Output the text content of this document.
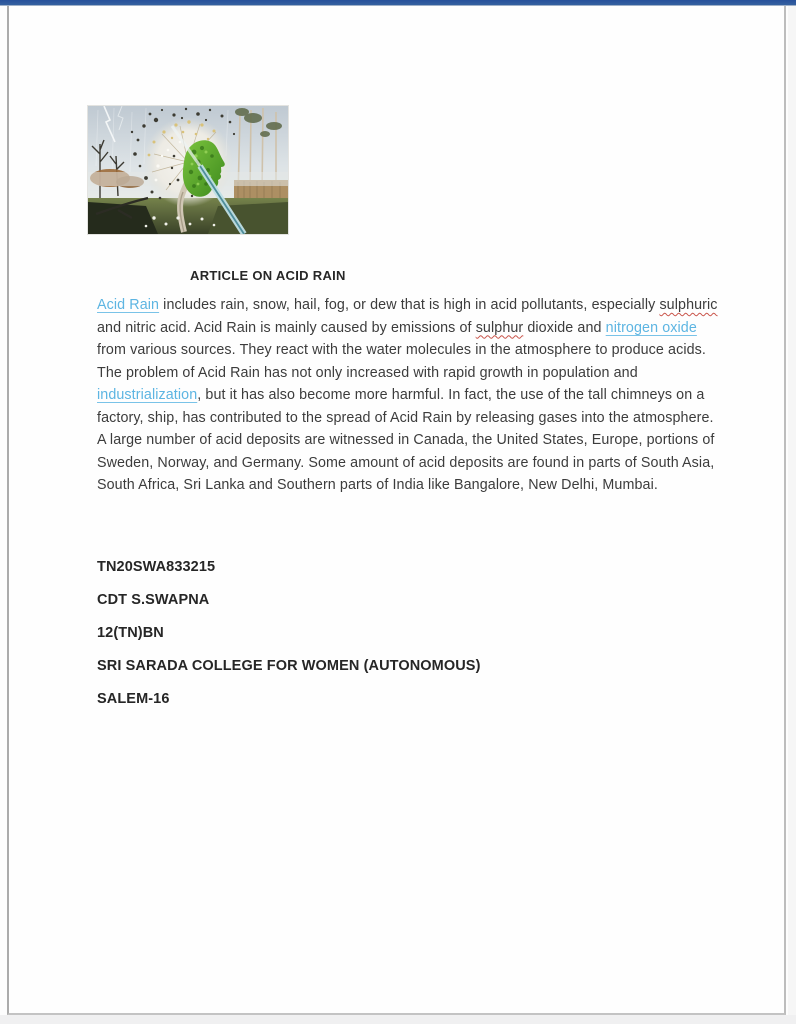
ARTICLE ON ACID RAIN

Acid Rain includes rain, snow, hail, fog, or dew that is high in acid pollutants, especially sulphuric and nitric acid. Acid Rain is mainly caused by emissions of sulphur dioxide and nitrogen oxide from various sources. They react with the water molecules in the atmosphere to produce acids. The problem of Acid Rain has not only increased with rapid growth in population and industrialization, but it has also become more harmful. In fact, the use of the tall chimneys on a factory, ship, has contributed to the spread of Acid Rain by releasing gases into the atmosphere. A large number of acid deposits are witnessed in Canada, the United States, Europe, portions of Sweden, Norway, and Germany. Some amount of acid deposits are found in parts of South Asia, South Africa, Sri Lanka and Southern parts of India like Bangalore, New Delhi, Mumbai.

TN20SWA833215
CDT S.SWAPNA
12(TN)BN
SRI SARADA COLLEGE FOR WOMEN (AUTONOMOUS)
SALEM-16
